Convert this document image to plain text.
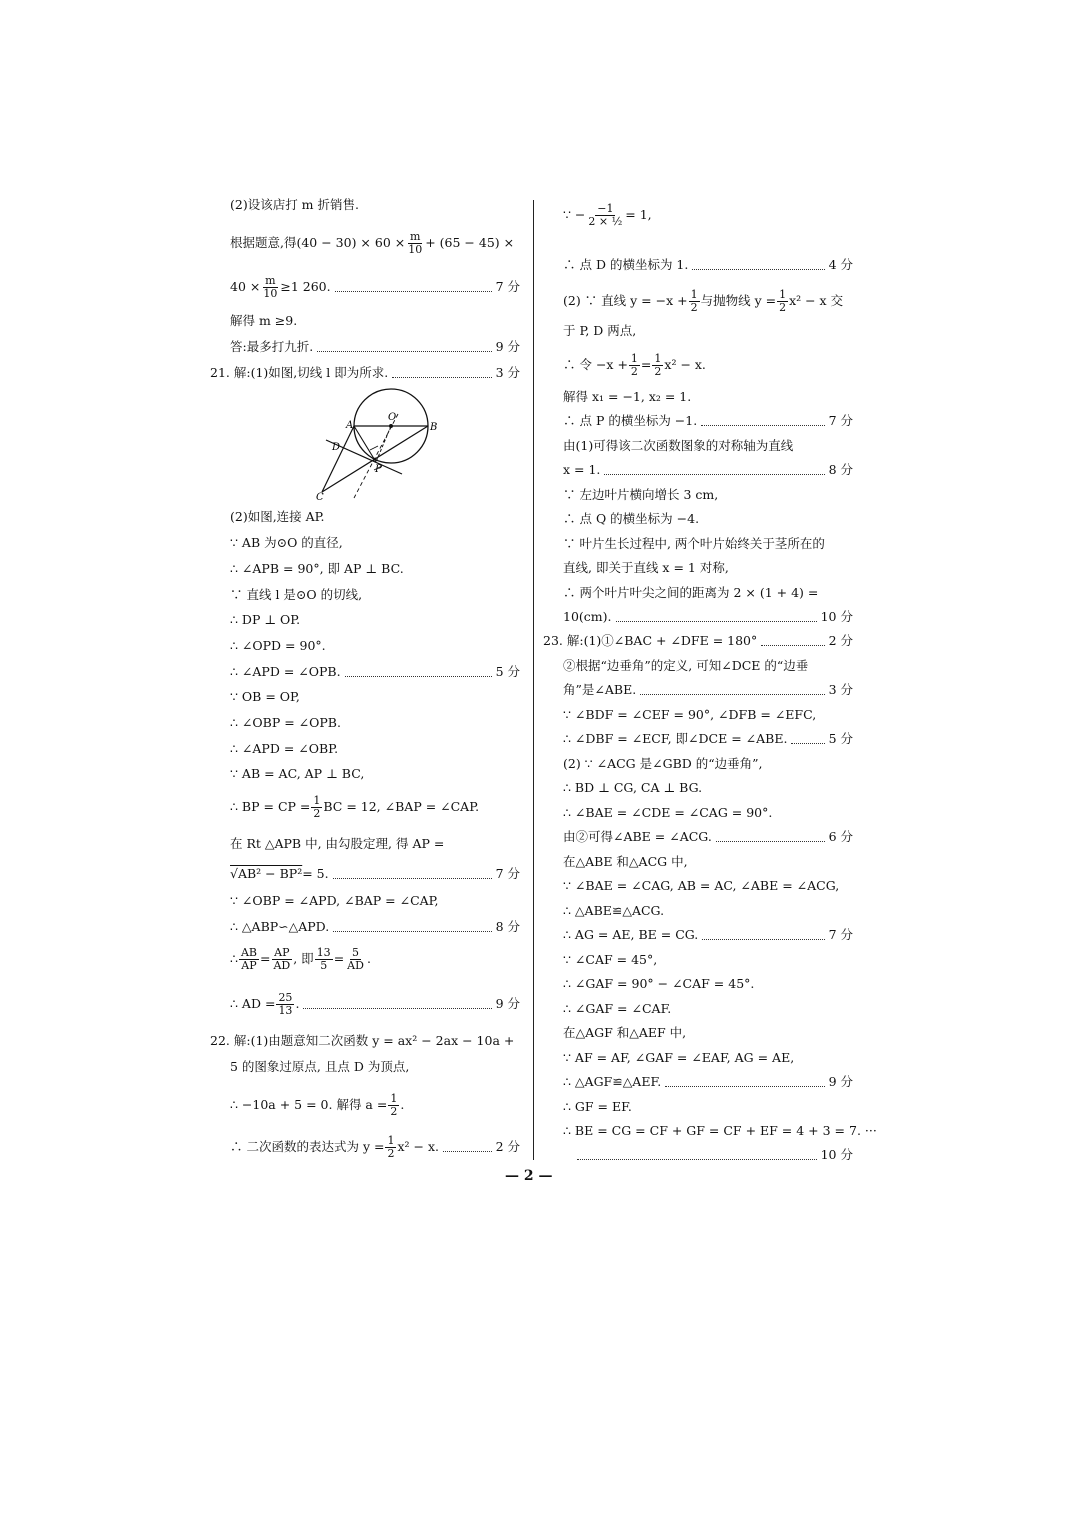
(2)设该店打 m 折销售.
根据题意,得$(40 - 30) \times 60 \times \frac{m}{10} + (65 - 45)$ ×
$40 \times \frac{m}{10} \ge 1$ 260.	7 分
解得 m ≥9.
答:最多打九折.	9 分
21. 解:(1)如图,切线 l 即为所求.	3 分
(2)如图,连接 AP.
∵ AB 为⊙O 的直径,
∴ ∠APB = 90°, 即 AP ⊥ BC.
∵ 直线 l 是⊙O 的切线,
∴ DP ⊥ OP.
∴ ∠OPD = 90°.
∴ ∠APD = ∠OPB.	5 分
∵ OB = OP,
∴ ∠OBP = ∠OPB.
∴ ∠APD = ∠OBP.
∵ AB = AC, AP ⊥ BC,
∴ BP = CP = $\frac{1}{2}$ BC = 12, ∠BAP = ∠CAP.
在 Rt △APB 中, 由勾股定理, 得 AP =
√AB² − BP² = 5.	7 分
∵ ∠OBP = ∠APD, ∠BAP = ∠CAP,
∴ △ABP∽△APD.	8 分
∴ $\frac{AB}{AP} = \frac{AP}{AD}$ , 即 $\frac{13}{5} = \frac{5}{AD}$ .
∴ AD = $\frac{25}{13}$ .	9 分
22. 解:(1)由题意知二次函数 y = ax² − 2ax − 10a +
5 的图象过原点, 且点 D 为顶点,
∴ −10a + 5 = 0. 解得 $a = \frac{1}{2}$ .
∴ 二次函数的表达式为 $y = \frac{1}{2} x^2 - x$.	2 分
O
A	B
D
P
C
∵ − $\frac{-1}{\text{2 × ½}} = 1$,
∴ 点 D 的横坐标为 1.	4 分
(2) ∵ 直线 $y = -x + \frac{1}{2}$ 与抛物线 $y = \frac{1}{2} x^2 - x$ 交
于 P, D 两点,
∴ 令 $-x + \frac{1}{2} = \frac{1}{2} x^2 - x$.
解得 x₁ = −1, x₂ = 1.
∴ 点 P 的横坐标为 −1.	7 分
由(1)可得该二次函数图象的对称轴为直线
x = 1.	8 分
∵ 左边叶片横向增长 3 cm,
∴ 点 Q 的横坐标为 −4.
∵ 叶片生长过程中, 两个叶片始终关于茎所在的
直线, 即关于直线 x = 1 对称,
∴ 两个叶片叶尖之间的距离为 2 × (1 + 4) =
10(cm).	10 分
23. 解:(1)①∠BAC + ∠DFE = 180°	2 分
②根据“边垂角”的定义, 可知∠DCE 的“边垂
角”是∠ABE.	3 分
∵ ∠BDF = ∠CEF = 90°, ∠DFB = ∠EFC,
∴ ∠DBF = ∠ECF, 即∠DCE = ∠ABE.	5 分
(2) ∵ ∠ACG 是∠GBD 的“边垂角”,
∴ BD ⊥ CG, CA ⊥ BG.
∴ ∠BAE = ∠CDE = ∠CAG = 90°.
由②可得∠ABE = ∠ACG.	6 分
在△ABE 和△ACG 中,
∵ ∠BAE = ∠CAG, AB = AC, ∠ABE = ∠ACG,
∴ △ABE≌△ACG.
∴ AG = AE, BE = CG.	7 分
∵ ∠CAF = 45°,
∴ ∠GAF = 90° − ∠CAF = 45°.
∴ ∠GAF = ∠CAF.
在△AGF 和△AEF 中,
∵ AF = AF, ∠GAF = ∠EAF, AG = AE,
∴ △AGF≌△AEF.	9 分
∴ GF = EF.
∴ BE = CG = CF + GF = CF + EF = 4 + 3 = 7. ···
10 分
— 2 —
